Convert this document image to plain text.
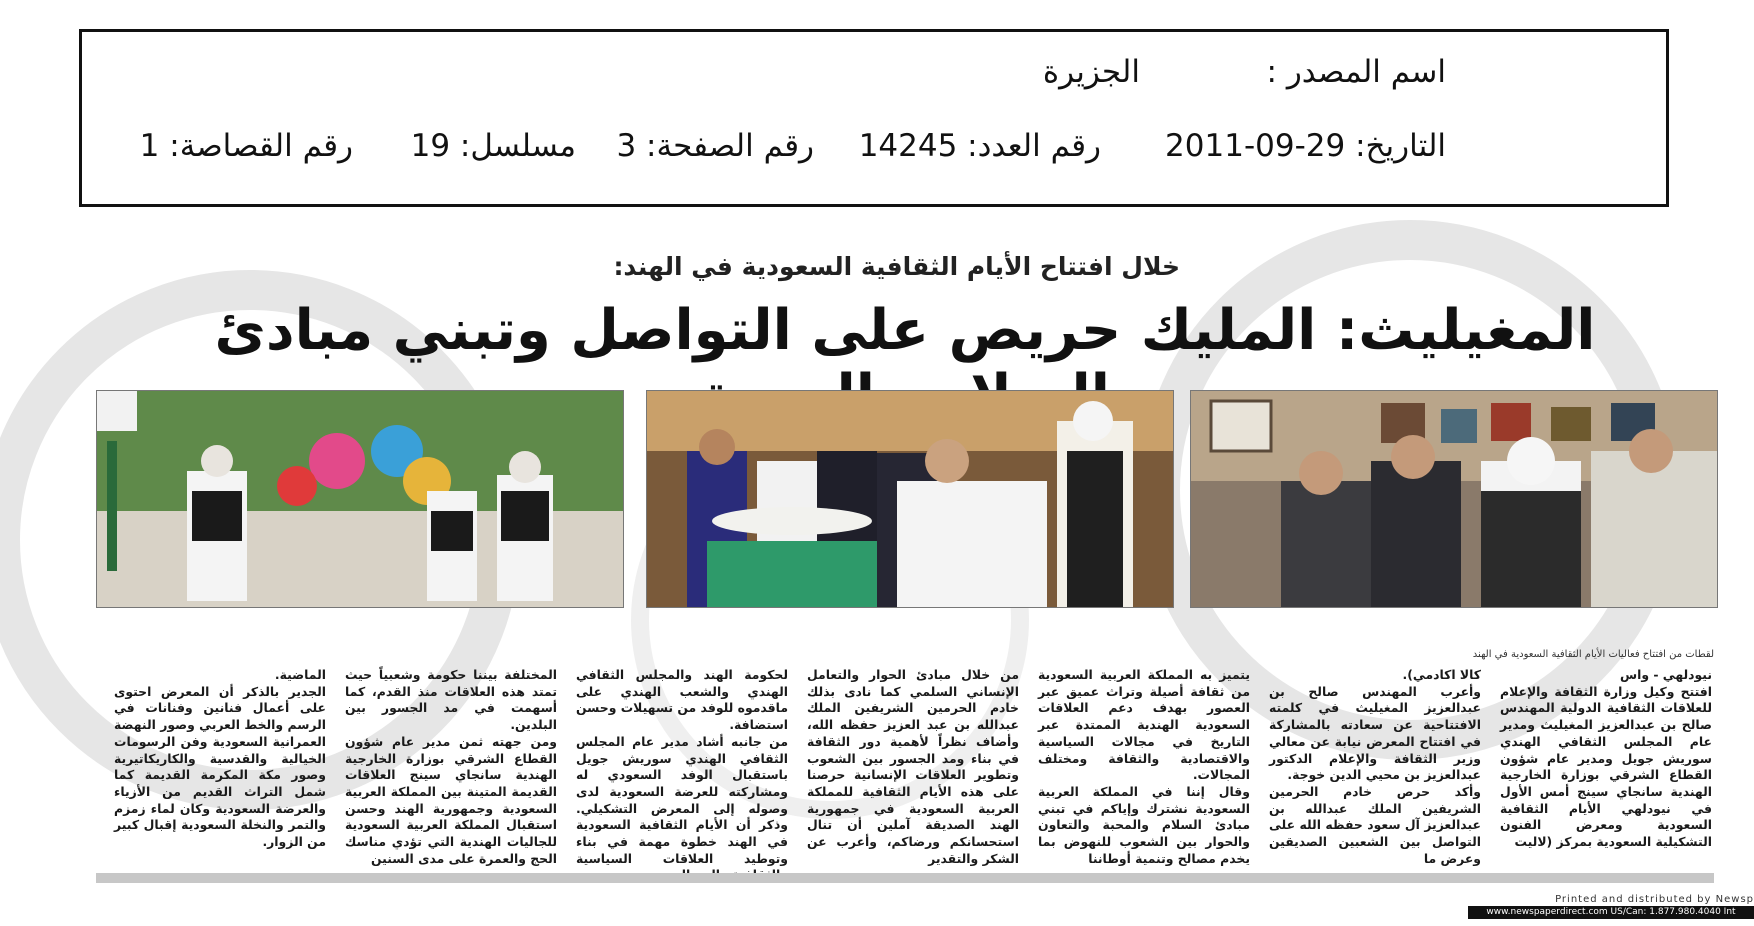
اسم المصدر :
الجزيرة
التاريخ: 29-09-2011
رقم العدد: 14245
رقم الصفحة: 3
مسلسل: 19
رقم القصاصة: 1
خلال افتتاح الأيام الثقافية السعودية في الهند:
المغيليث: المليك حريص على التواصل وتبني مبادئ
لقطات من افتتاح فعاليات الأيام الثقافية السعودية في الهند

نيودلهي - واس
افتتح وكيل وزارة الثقافة والإعلام للعلاقات الثقافية الدولية المهندس صالح بن عبدالعزيز المغيليث ومدير عام المجلس الثقافي الهندي سوريش جويل ومدير عام شؤون القطاع الشرقي بوزارة الخارجية الهندية سانجاي سينج أمس الأول في نيودلهي الأيام الثقافية السعودية ومعرض الفنون التشكيلية السعودية بمركز (لاليت

كالا اكادمي).
وأعرب المهندس صالح بن عبدالعزيز المغيليث في كلمته الافتتاحية عن سعادته بالمشاركة في افتتاح المعرض نيابة عن معالي وزير الثقافة والإعلام الدكتور عبدالعزيز بن محيي الدين خوجة.
وأكد حرص خادم الحرمين الشريفين الملك عبدالله بن عبدالعزيز آل سعود حفظه الله على التواصل بين الشعبين الصديقين وعرض ما

يتميز به المملكة العربية السعودية من ثقافة أصيلة وتراث عميق عبر العصور بهدف دعم العلاقات السعودية الهندية الممتدة عبر التاريخ في مجالات السياسية والاقتصادية والثقافة ومختلف المجالات.
وقال إننا في المملكة العربية السعودية نشترك وإياكم في تبني مبادئ السلام والمحبة والتعاون والحوار بين الشعوب للنهوض بما يخدم مصالح وتنمية أوطاننا

من خلال مبادئ الحوار والتعامل الإنساني السلمي كما نادى بذلك خادم الحرمين الشريفين الملك عبدالله بن عبد العزيز حفظه الله، وأضاف نظراً لأهمية دور الثقافة في بناء ومد الجسور بين الشعوب وتطوير العلاقات الإنسانية حرصنا على هذه الأيام الثقافية للمملكة العربية السعودية في جمهورية الهند الصديقة آملين أن تنال استحسانكم ورضاكم، وأعرب عن الشكر والتقدير

لحكومة الهند والمجلس الثقافي الهندي والشعب الهندي على ماقدموه للوفد من تسهيلات وحسن استضافة.
من جانبه أشاد مدير عام المجلس الثقافي الهندي سوريش جويل باستقبال الوفد السعودي له ومشاركته للعرضة السعودية لدى وصوله إلى المعرض التشكيلي. وذكر أن الأيام الثقافية السعودية في الهند خطوة مهمة في بناء وتوطيد العلاقات السياسية

المختلفة بيننا حكومة وشعبياً حيث تمتد هذه العلاقات منذ القدم، كما أسهمت في مد الجسور بين البلدين.
ومن جهته ثمن مدير عام شؤون القطاع الشرقي بوزارة الخارجية الهندية سانجاي سينج العلاقات القديمة المتينة بين المملكة العربية السعودية وجمهورية الهند وحسن استقبال المملكة العربية السعودية للجاليات الهندية التي تؤدي مناسك الحج والعمرة على مدى السنين

الماضية.
الجدير بالذكر أن المعرض احتوى على أعمال فنانين وفنانات في الرسم والخط العربي وصور النهضة العمرانية السعودية وفن الرسومات الخيالية والقدسية والكاريكاتيرية وصور مكة المكرمة القديمة كما شمل التراث القديم من الأزياء والعرضة السعودية وكان لماء زمزم والتمر والنخلة السعودية إقبال كبير من الزوار.

Printed and distributed by Newsp
www.newspaperdirect.com US/Can: 1.877.980.4040 Int
